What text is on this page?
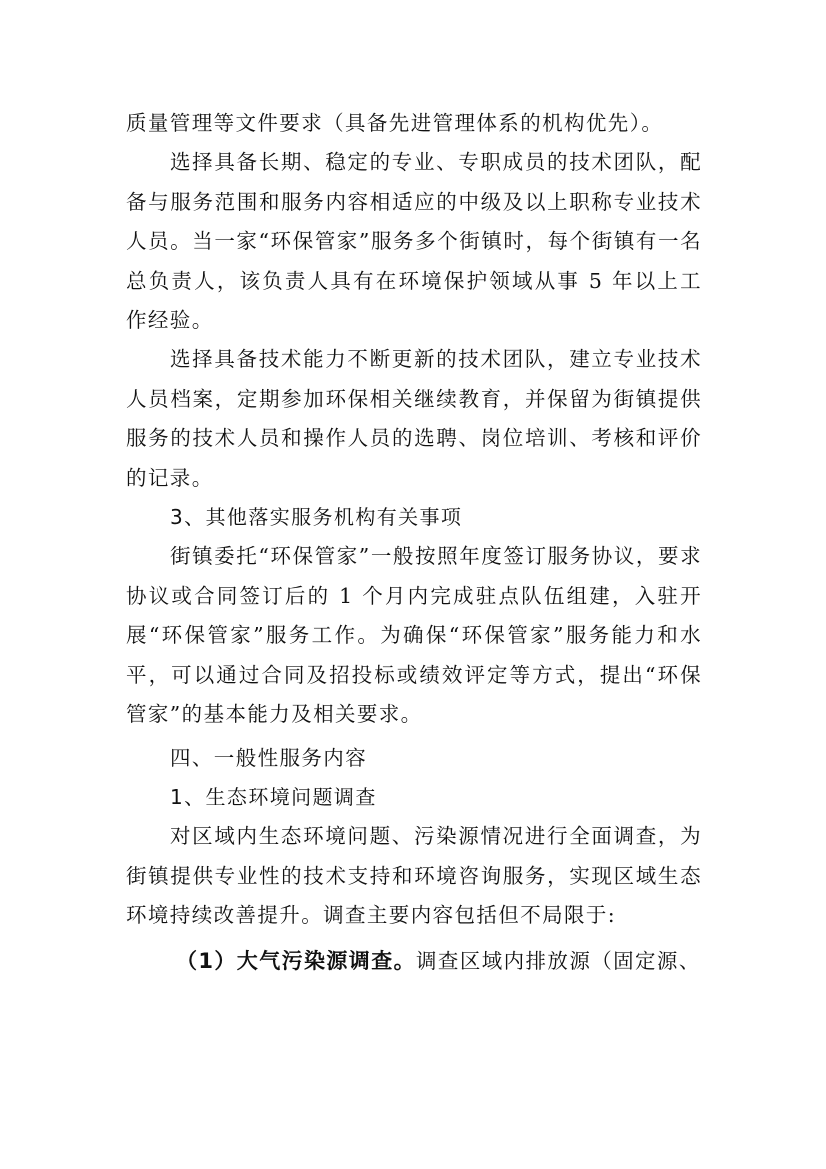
质量管理等文件要求（具备先进管理体系的机构优先）。

选择具备长期、稳定的专业、专职成员的技术团队，配备与服务范围和服务内容相适应的中级及以上职称专业技术人员。当一家“环保管家”服务多个街镇时，每个街镇有一名总负责人，该负责人具有在环境保护领域从事 5 年以上工作经验。

选择具备技术能力不断更新的技术团队，建立专业技术人员档案，定期参加环保相关继续教育，并保留为街镇提供服务的技术人员和操作人员的选聘、岗位培训、考核和评价的记录。

3、其他落实服务机构有关事项

街镇委托“环保管家”一般按照年度签订服务协议，要求协议或合同签订后的 1 个月内完成驻点队伍组建，入驻开展“环保管家”服务工作。为确保“环保管家”服务能力和水平，可以通过合同及招投标或绩效评定等方式，提出“环保管家”的基本能力及相关要求。

四、一般性服务内容

1、生态环境问题调查

对区域内生态环境问题、污染源情况进行全面调查，为街镇提供专业性的技术支持和环境咨询服务，实现区域生态环境持续改善提升。调查主要内容包括但不局限于:

（1）大气污染源调查。调查区域内排放源（固定源、
